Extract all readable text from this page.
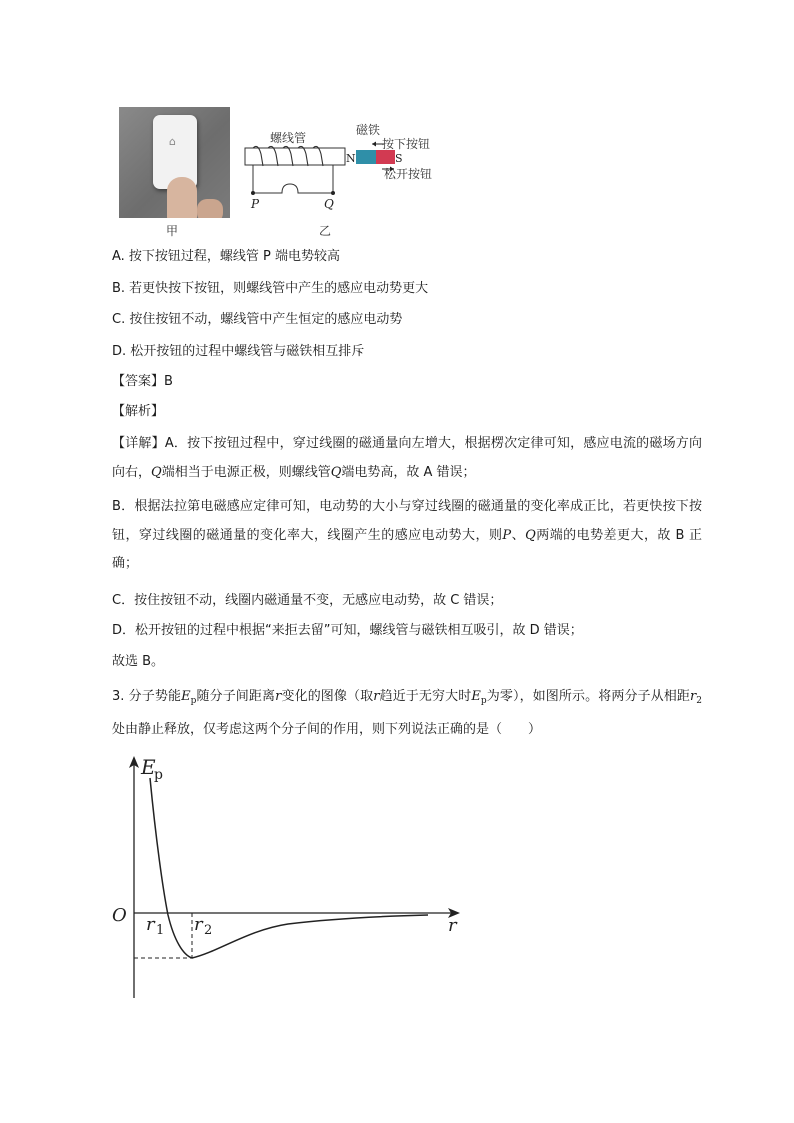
⌂
甲
P	Q
螺线管
磁铁
N	S
按下按钮
松开按钮
乙
A. 按下按钮过程，螺线管 P 端电势较高
B. 若更快按下按钮，则螺线管中产生的感应电动势更大
C. 按住按钮不动，螺线管中产生恒定的感应电动势
D. 松开按钮的过程中螺线管与磁铁相互排斥
【答案】B
【解析】
【详解】A．按下按钮过程中，穿过线圈的磁通量向左增大，根据楞次定律可知，感应电流的磁场方向向右，Q端相当于电源正极，则螺线管Q端电势高，故 A 错误；
B．根据法拉第电磁感应定律可知，电动势的大小与穿过线圈的磁通量的变化率成正比，若更快按下按钮，穿过线圈的磁通量的变化率大，线圈产生的感应电动势大，则P、Q两端的电势差更大，故 B 正确；
C．按住按钮不动，线圈内磁通量不变，无感应电动势，故 C 错误；
D．松开按钮的过程中根据“来拒去留”可知，螺线管与磁铁相互吸引，故 D 错误；
故选 B。
3. 分子势能$E_p$随分子间距离r变化的图像（取r趋近于无穷大时$E_p$为零），如图所示。将两分子从相距$r_2$处由静止释放，仅考虑这两个分子间的作用，则下列说法正确的是（　　）
E
p
O r 1 r 2	r
